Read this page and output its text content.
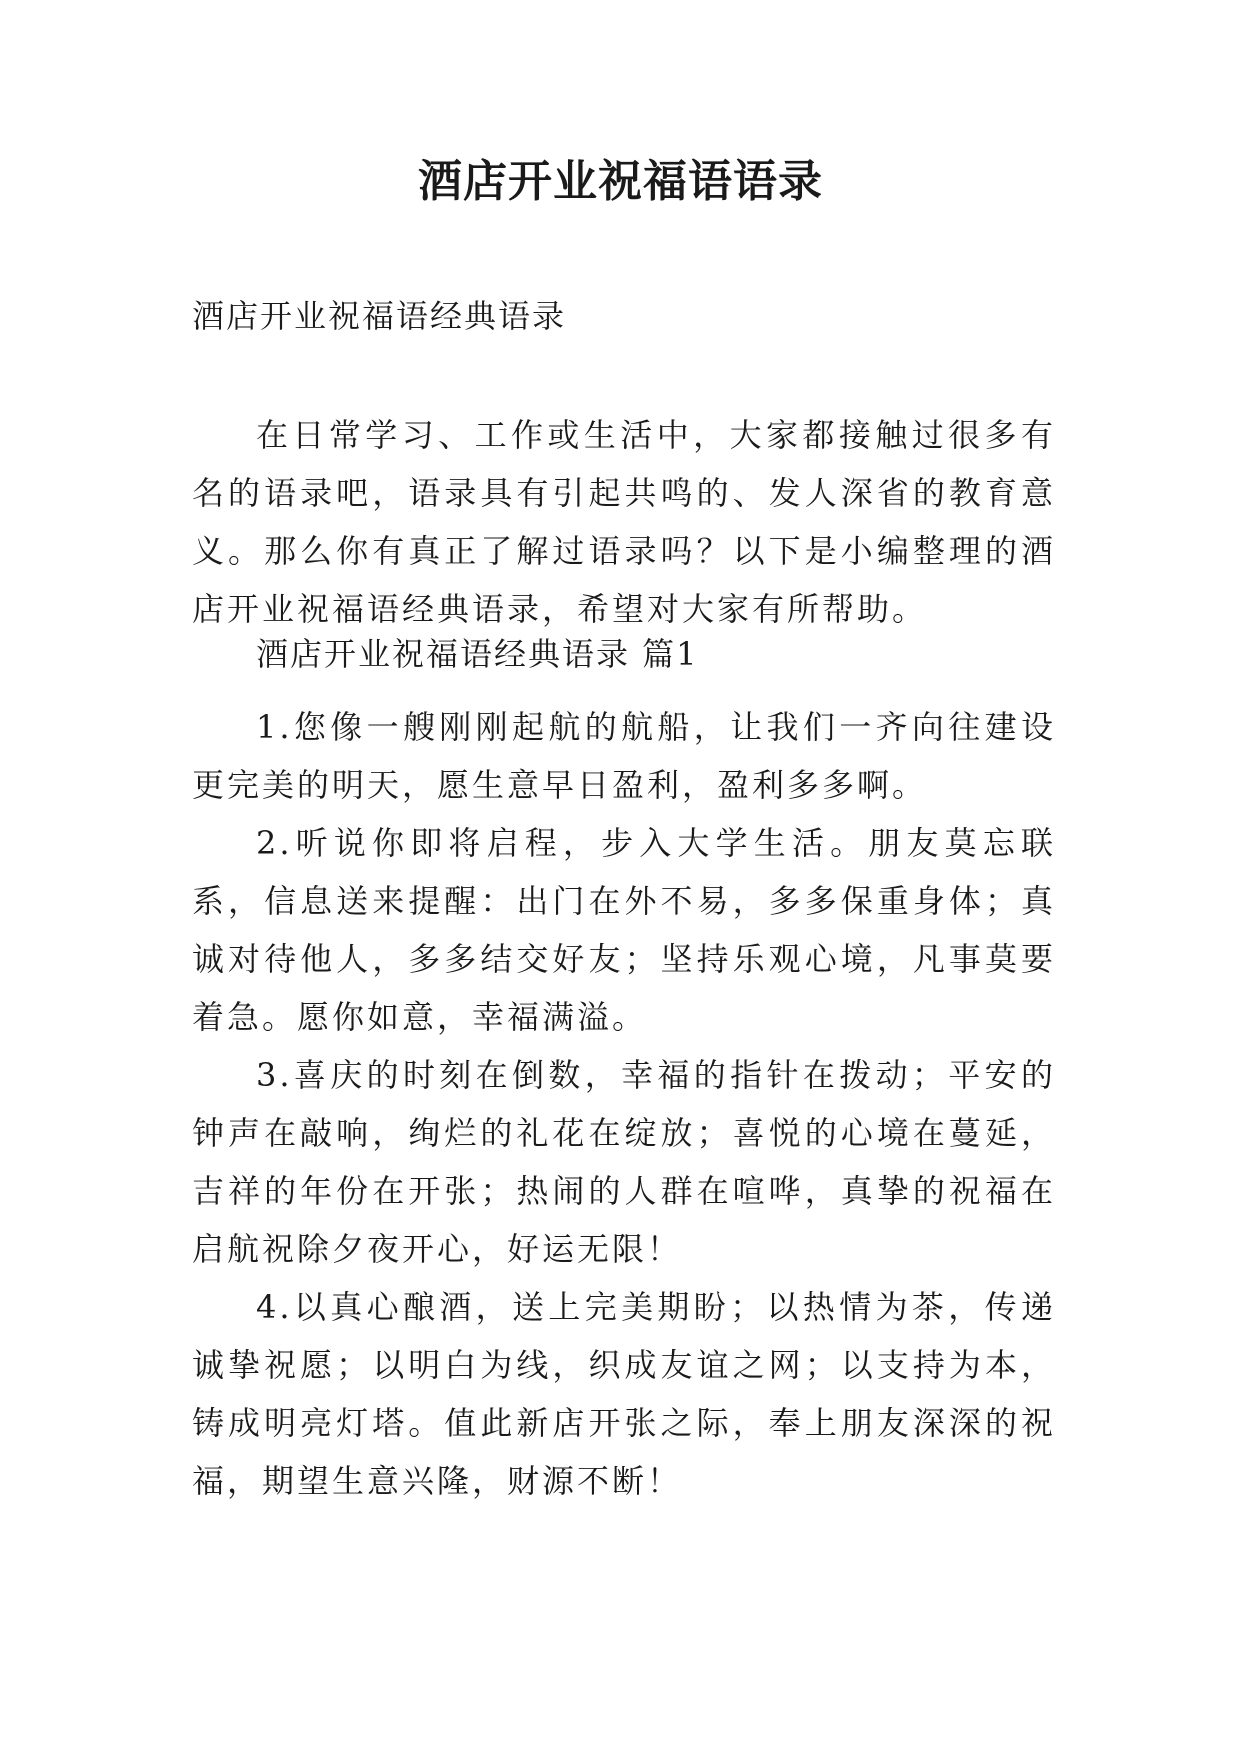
酒店开业祝福语语录

酒店开业祝福语经典语录

在日常学习、工作或生活中，大家都接触过很多有名的语录吧，语录具有引起共鸣的、发人深省的教育意义。那么你有真正了解过语录吗？以下是小编整理的酒店开业祝福语经典语录，希望对大家有所帮助。

酒店开业祝福语经典语录 篇1

1.您像一艘刚刚起航的航船，让我们一齐向往建设更完美的明天，愿生意早日盈利，盈利多多啊。

2.听说你即将启程，步入大学生活。朋友莫忘联系，信息送来提醒：出门在外不易，多多保重身体；真诚对待他人，多多结交好友；坚持乐观心境，凡事莫要着急。愿你如意，幸福满溢。

3.喜庆的时刻在倒数，幸福的指针在拨动；平安的钟声在敲响，绚烂的礼花在绽放；喜悦的心境在蔓延，吉祥的年份在开张；热闹的人群在喧哗，真挚的祝福在启航祝除夕夜开心，好运无限！

4.以真心酿酒，送上完美期盼；以热情为茶，传递诚挚祝愿；以明白为线，织成友谊之网；以支持为本，铸成明亮灯塔。值此新店开张之际，奉上朋友深深的祝福，期望生意兴隆，财源不断！
